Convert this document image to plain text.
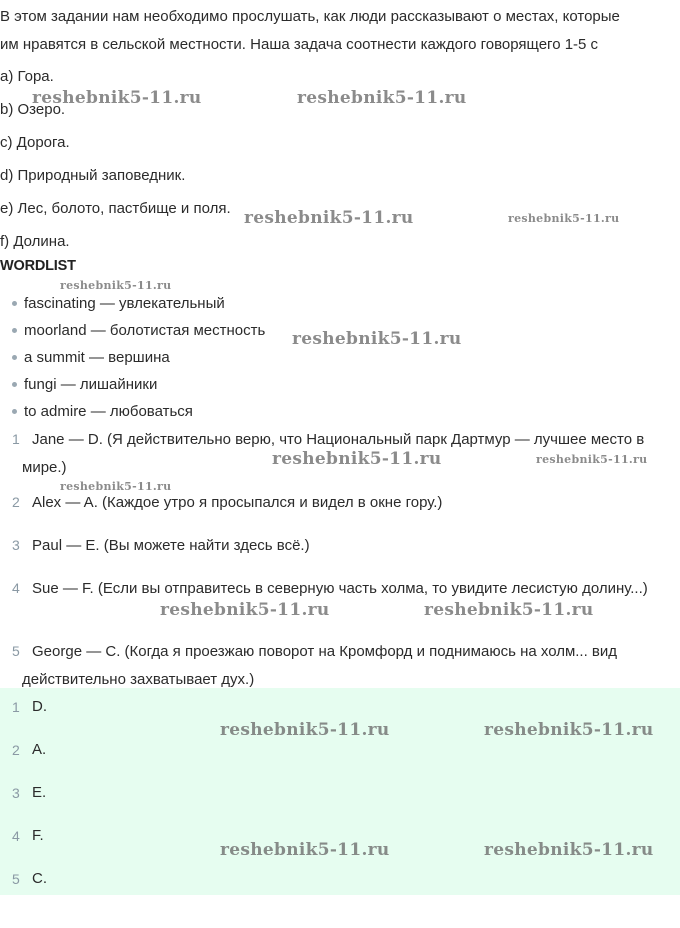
В этом задании нам необходимо прослушать, как люди рассказывают о местах, которые
им нравятся в сельской местности. Наша задача соотнести каждого говорящего 1-5 с
a) Гора.
b) Озеро.
c) Дорога.
d) Природный заповедник.
e) Лес, болото, пастбище и поля.
f) Долина.
WORDLIST
fascinating — увлекательный
moorland — болотистая местность
a summit — вершина
fungi — лишайники
to admire — любоваться
1 Jane — D. (Я действительно верю, что Национальный парк Дартмур — лучшее место в мире.)
2 Alex — A. (Каждое утро я просыпался и видел в окне гору.)
3 Paul — E. (Вы можете найти здесь всё.)
4 Sue — F. (Если вы отправитесь в северную часть холма, то увидите лесистую долину...)
5 George — C. (Когда я проезжаю поворот на Кромфорд и поднимаюсь на холм... вид действительно захватывает дух.)
1 D.
2 A.
3 E.
4 F.
5 C.
reshebnik5-11.ru	reshebnik5-11.ru
reshebnik5-11.ru	reshebnik5-11.ru
reshebnik5-11.ru
reshebnik5-11.ru
reshebnik5-11.ru	reshebnik5-11.ru
reshebnik5-11.ru
reshebnik5-11.ru	reshebnik5-11.ru
reshebnik5-11.ru	reshebnik5-11.ru
reshebnik5-11.ru	reshebnik5-11.ru
